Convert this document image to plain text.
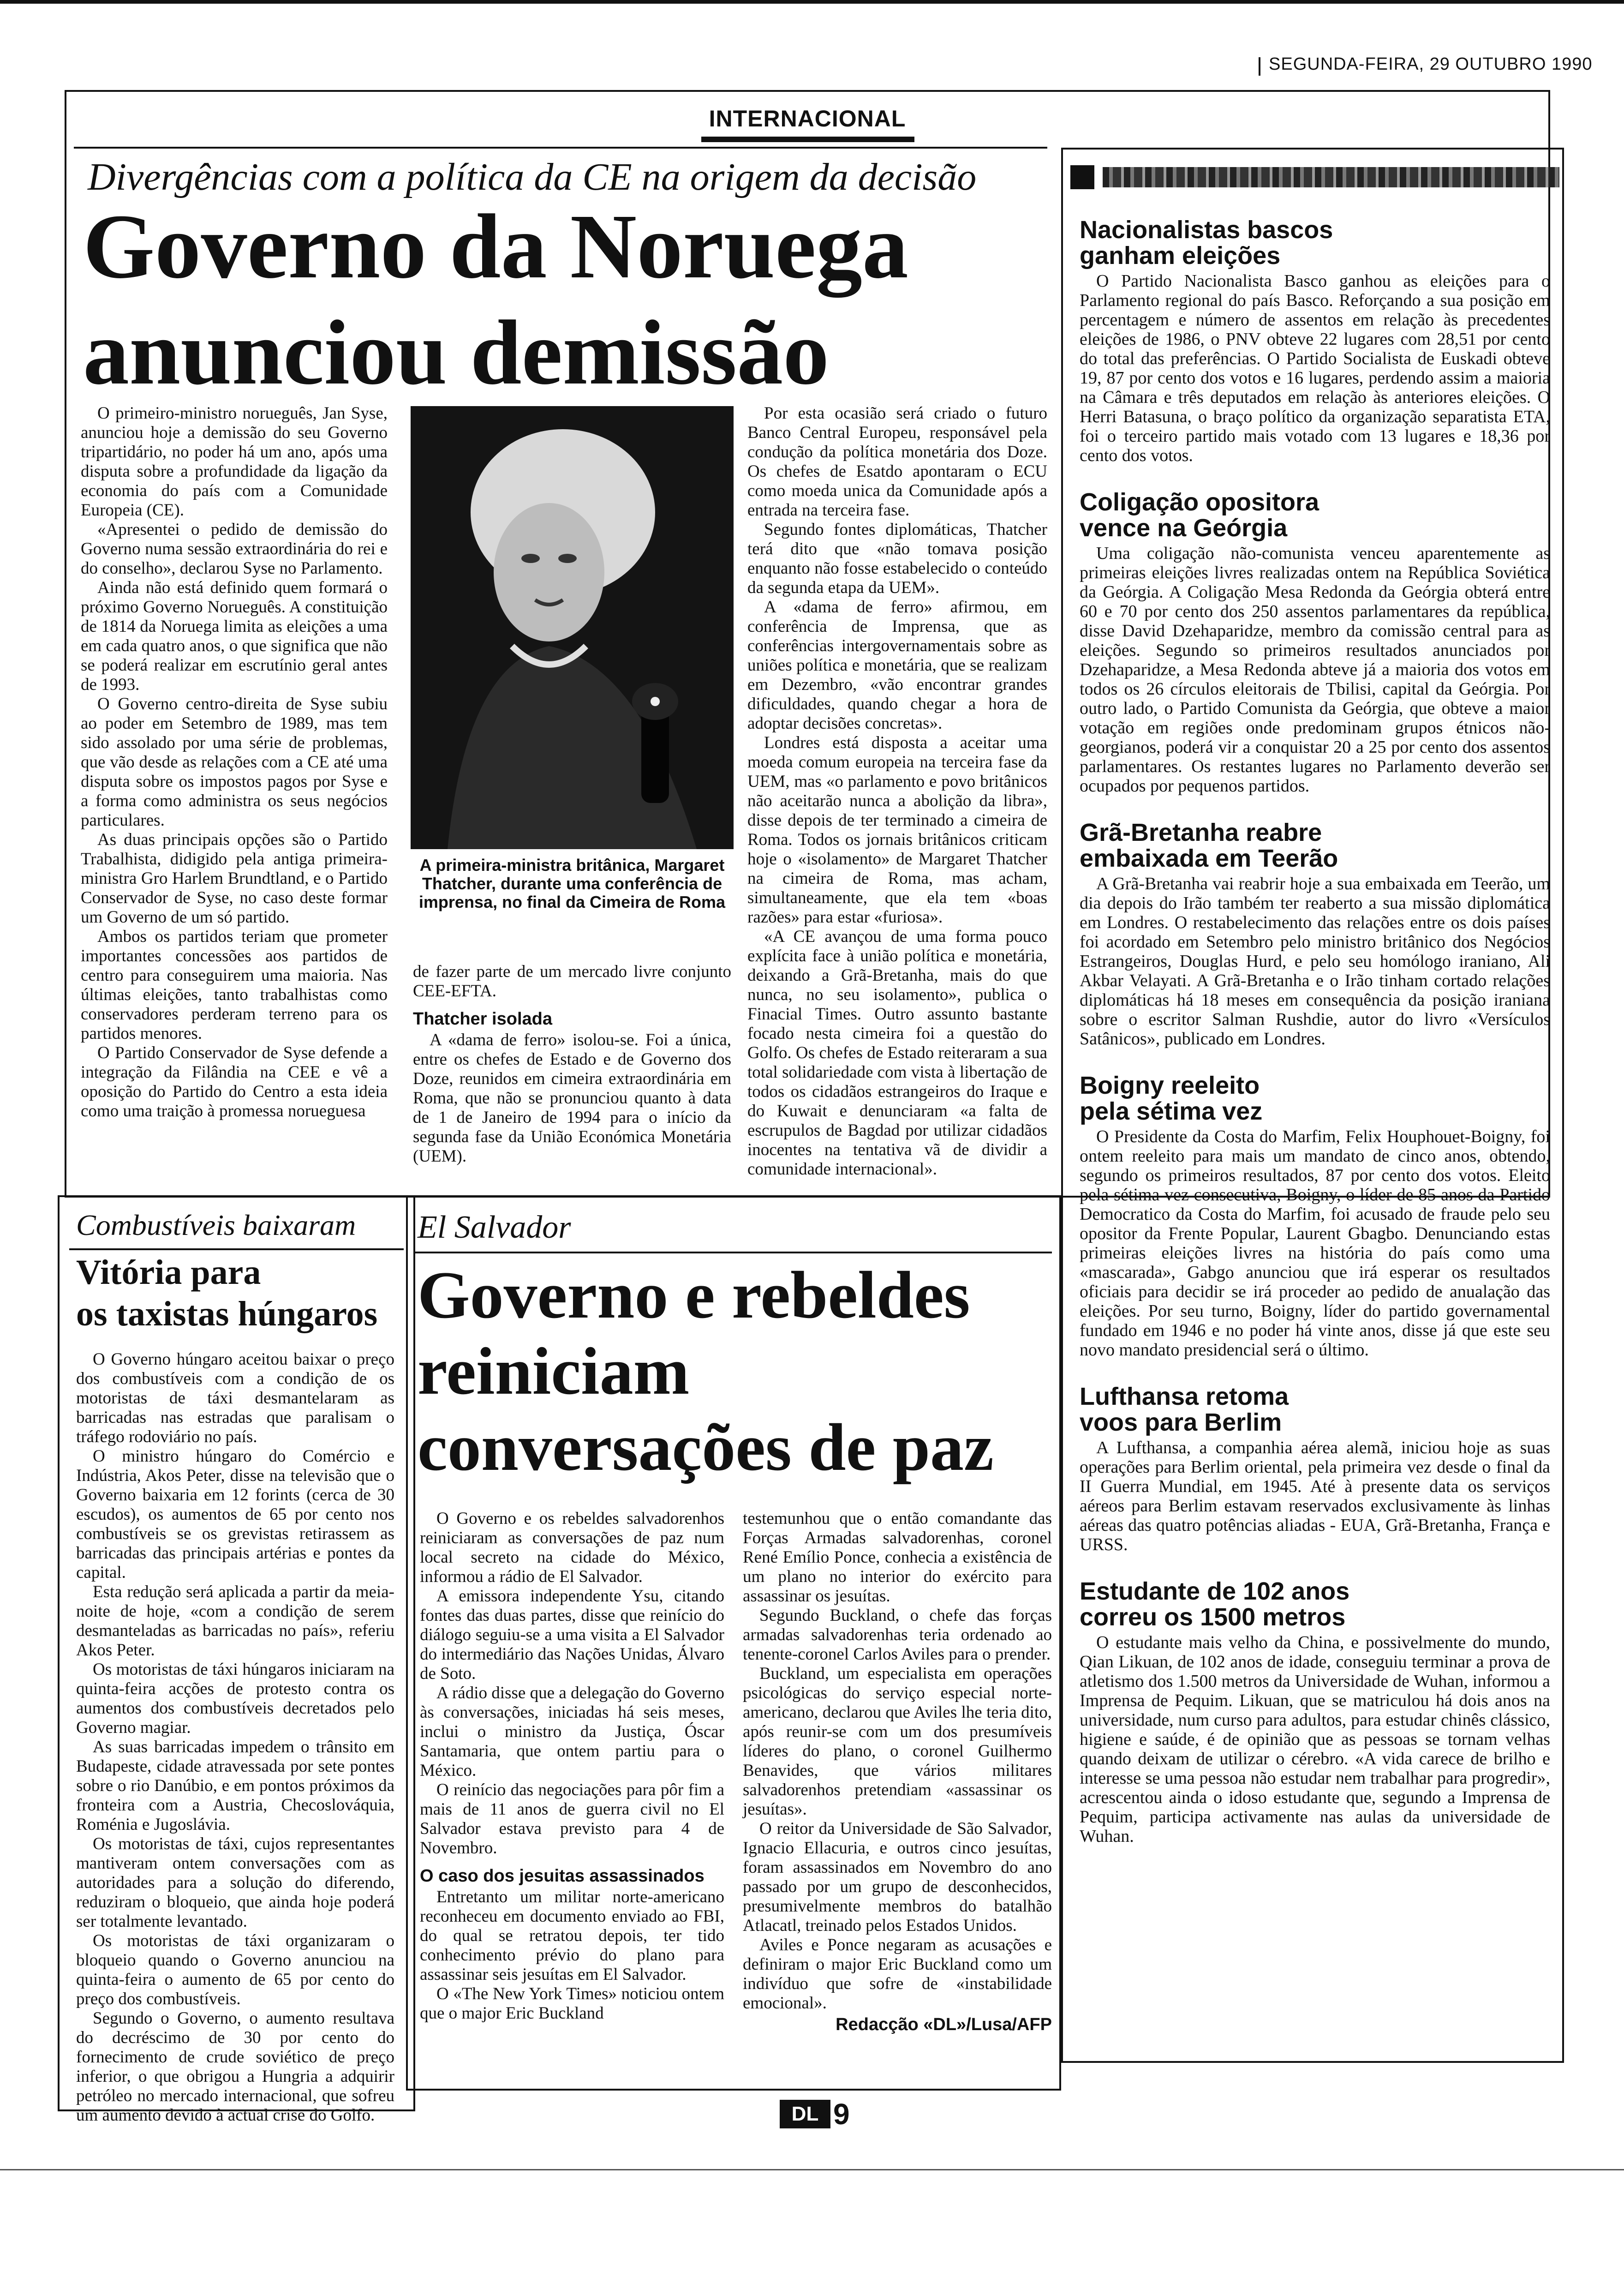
SEGUNDA-FEIRA, 29 OUTUBRO 1990
INTERNACIONAL
Divergências com a política da CE na origem da decisão
Governo da Noruega
anunciou demissão

O primeiro-ministro norueguês, Jan Syse, anunciou hoje a demissão do seu Governo tripartidário, no poder há um ano, após uma disputa sobre a profundidade da ligação da economia do país com a Comunidade Europeia (CE).

«Apresentei o pedido de demissão do Governo numa sessão extraordinária do rei e do conselho», declarou Syse no Parlamento.

Ainda não está definido quem formará o próximo Governo Norueguês. A constituição de 1814 da Noruega limita as eleições a uma em cada quatro anos, o que significa que não se poderá realizar em escrutínio geral antes de 1993.

O Governo centro-direita de Syse subiu ao poder em Setembro de 1989, mas tem sido assolado por uma série de problemas, que vão desde as relações com a CE até uma disputa sobre os impostos pagos por Syse e a forma como administra os seus negócios particulares.

As duas principais opções são o Partido Trabalhista, didigido pela antiga primeira-ministra Gro Harlem Brundtland, e o Partido Conservador de Syse, no caso deste formar um Governo de um só partido.

Ambos os partidos teriam que prometer importantes concessões aos partidos de centro para conseguirem uma maioria. Nas últimas eleições, tanto trabalhistas como conservadores perderam terreno para os partidos menores.

O Partido Conservador de Syse defende a integração da Filândia na CEE e vê a oposição do Partido do Centro a esta ideia como uma traição à promessa norueguesa

A primeira-ministra britânica, Margaret Thatcher, durante uma conferência de imprensa, no final da Cimeira de Roma

de fazer parte de um mercado livre conjunto CEE-EFTA.

Thatcher isolada

A «dama de ferro» isolou-se. Foi a única, entre os chefes de Estado e de Governo dos Doze, reunidos em cimeira extraordinária em Roma, que não se pronunciou quanto à data de 1 de Janeiro de 1994 para o início da segunda fase da União Económica Monetária (UEM).

Por esta ocasião será criado o futuro Banco Central Europeu, responsável pela condução da política monetária dos Doze. Os chefes de Esatdo apontaram o ECU como moeda unica da Comunidade após a entrada na terceira fase.

Segundo fontes diplomáticas, Thatcher terá dito que «não tomava posição enquanto não fosse estabelecido o conteúdo da segunda etapa da UEM».

A «dama de ferro» afirmou, em conferência de Imprensa, que as conferências intergovernamentais sobre as uniões política e monetária, que se realizam em Dezembro, «vão encontrar grandes dificuldades, quando chegar a hora de adoptar decisões concretas».

Londres está disposta a aceitar uma moeda comum europeia na terceira fase da UEM, mas «o parlamento e povo britânicos não aceitarão nunca a abolição da libra», disse depois de ter terminado a cimeira de Roma. Todos os jornais britânicos criticam hoje o «isolamento» de Margaret Thatcher na cimeira de Roma, mas acham, simultaneamente, que ela tem «boas razões» para estar «furiosa».

«A CE avançou de uma forma pouco explícita face à união política e monetária, deixando a Grã-Bretanha, mais do que nunca, no seu isolamento», publica o Finacial Times. Outro assunto bastante focado nesta cimeira foi a questão do Golfo. Os chefes de Estado reiteraram a sua total solidariedade com vista à libertação de todos os cidadãos estrangeiros do Iraque e do Kuwait e denunciaram «a falta de escrupulos de Bagdad por utilizar cidadãos inocentes na tentativa vã de dividir a comunidade internacional».

Nacionalistas bascos
ganham eleições

O Partido Nacionalista Basco ganhou as eleições para o Parlamento regional do país Basco. Reforçando a sua posição em percentagem e número de assentos em relação às precedentes eleições de 1986, o PNV obteve 22 lugares com 28,51 por cento do total das preferências. O Partido Socialista de Euskadi obteve 19, 87 por cento dos votos e 16 lugares, perdendo assim a maioria na Câmara e três deputados em relação às anteriores eleições. O Herri Batasuna, o braço político da organização separatista ETA, foi o terceiro partido mais votado com 13 lugares e 18,36 por cento dos votos.

Coligação opositora
vence na Geórgia

Uma coligação não-comunista venceu aparentemente as primeiras eleições livres realizadas ontem na República Soviética da Geórgia. A Coligação Mesa Redonda da Geórgia obterá entre 60 e 70 por cento dos 250 assentos parlamentares da república, disse David Dzehaparidze, membro da comissão central para as eleições. Segundo so primeiros resultados anunciados por Dzehaparidze, a Mesa Redonda abteve já a maioria dos votos em todos os 26 círculos eleitorais de Tbilisi, capital da Geórgia. Por outro lado, o Partido Comunista da Geórgia, que obteve a maior votação em regiões onde predominam grupos étnicos não-georgianos, poderá vir a conquistar 20 a 25 por cento dos assentos parlamentares. Os restantes lugares no Parlamento deverão ser ocupados por pequenos partidos.

Grã-Bretanha reabre
embaixada em Teerão

A Grã-Bretanha vai reabrir hoje a sua embaixada em Teerão, um dia depois do Irão também ter reaberto a sua missão diplomática em Londres. O restabelecimento das relações entre os dois países foi acordado em Setembro pelo ministro britânico dos Negócios Estrangeiros, Douglas Hurd, e pelo seu homólogo iraniano, Ali Akbar Velayati. A Grã-Bretanha e o Irão tinham cortado relações diplomáticas há 18 meses em consequência da posição iraniana sobre o escritor Salman Rushdie, autor do livro «Versículos Satânicos», publicado em Londres.

Boigny reeleito
pela sétima vez

O Presidente da Costa do Marfim, Felix Houphouet-Boigny, foi ontem reeleito para mais um mandato de cinco anos, obtendo, segundo os primeiros resultados, 87 por cento dos votos. Eleito pela sétima vez consecutiva, Boigny, o líder de 85 anos da Partido Democratico da Costa do Marfim, foi acusado de fraude pelo seu opositor da Frente Popular, Laurent Gbagbo. Denunciando estas primeiras eleições livres na história do país como uma «mascarada», Gabgo anunciou que irá esperar os resultados oficiais para decidir se irá proceder ao pedido de anualação das eleições. Por seu turno, Boigny, líder do partido governamental fundado em 1946 e no poder há vinte anos, disse já que este seu novo mandato presidencial será o último.

Lufthansa retoma
voos para Berlim

A Lufthansa, a companhia aérea alemã, iniciou hoje as suas operações para Berlim oriental, pela primeira vez desde o final da II Guerra Mundial, em 1945. Até à presente data os serviços aéreos para Berlim estavam reservados exclusivamente às linhas aéreas das quatro potências aliadas - EUA, Grã-Bretanha, França e URSS.

Estudante de 102 anos
correu os 1500 metros

O estudante mais velho da China, e possivelmente do mundo, Qian Likuan, de 102 anos de idade, conseguiu terminar a prova de atletismo dos 1.500 metros da Universidade de Wuhan, informou a Imprensa de Pequim. Likuan, que se matriculou há dois anos na universidade, num curso para adultos, para estudar chinês clássico, higiene e saúde, é de opinião que as pessoas se tornam velhas quando deixam de utilizar o cérebro. «A vida carece de brilho e interesse se uma pessoa não estudar nem trabalhar para progredir», acrescentou ainda o idoso estudante que, segundo a Imprensa de Pequim, participa activamente nas aulas da universidade de Wuhan.

Combustíveis baixaram
Vitória para
os taxistas húngaros

O Governo húngaro aceitou baixar o preço dos combustíveis com a condição de os motoristas de táxi desmantelaram as barricadas nas estradas que paralisam o tráfego rodoviário no país.

O ministro húngaro do Comércio e Indústria, Akos Peter, disse na televisão que o Governo baixaria em 12 forints (cerca de 30 escudos), os aumentos de 65 por cento nos combustíveis se os grevistas retirassem as barricadas das principais artérias e pontes da capital.

Esta redução será aplicada a partir da meia-noite de hoje, «com a condição de serem desmanteladas as barricadas no país», referiu Akos Peter.

Os motoristas de táxi húngaros iniciaram na quinta-feira acções de protesto contra os aumentos dos combustíveis decretados pelo Governo magiar.

As suas barricadas impedem o trânsito em Budapeste, cidade atravessada por sete pontes sobre o rio Danúbio, e em pontos próximos da fronteira com a Austria, Checoslováquia, Roménia e Jugoslávia.

Os motoristas de táxi, cujos representantes mantiveram ontem conversações com as autoridades para a solução do diferendo, reduziram o bloqueio, que ainda hoje poderá ser totalmente levantado.

Os motoristas de táxi organizaram o bloqueio quando o Governo anunciou na quinta-feira o aumento de 65 por cento do preço dos combustíveis.

Segundo o Governo, o aumento resultava do decréscimo de 30 por cento do fornecimento de crude soviético de preço inferior, o que obrigou a Hungria a adquirir petróleo no mercado internacional, que sofreu um aumento devido à actual crise do Golfo.

El Salvador
Governo e rebeldes
reiniciam
conversações de paz

O Governo e os rebeldes salvadorenhos reiniciaram as conversações de paz num local secreto na cidade do México, informou a rádio de El Salvador.

A emissora independente Ysu, citando fontes das duas partes, disse que reinício do diálogo seguiu-se a uma visita a El Salvador do intermediário das Nações Unidas, Álvaro de Soto.

A rádio disse que a delegação do Governo às conversações, iniciadas há seis meses, inclui o ministro da Justiça, Óscar Santamaria, que ontem partiu para o México.

O reinício das negociações para pôr fim a mais de 11 anos de guerra civil no El Salvador estava previsto para 4 de Novembro.

O caso dos jesuitas assassinados

Entretanto um militar norte-americano reconheceu em documento enviado ao FBI, do qual se retratou depois, ter tido conhecimento prévio do plano para assassinar seis jesuítas em El Salvador.

O «The New York Times» noticiou ontem que o major Eric Buckland

testemunhou que o então comandante das Forças Armadas salvadorenhas, coronel René Emílio Ponce, conhecia a existência de um plano no interior do exército para assassinar os jesuítas.

Segundo Buckland, o chefe das forças armadas salvadorenhas teria ordenado ao tenente-coronel Carlos Aviles para o prender.

Buckland, um especialista em operações psicológicas do serviço especial norte-americano, declarou que Aviles lhe teria dito, após reunir-se com um dos presumíveis líderes do plano, o coronel Guilhermo Benavides, que vários militares salvadorenhos pretendiam «assassinar os jesuítas».

O reitor da Universidade de São Salvador, Ignacio Ellacuria, e outros cinco jesuítas, foram assassinados em Novembro do ano passado por um grupo de desconhecidos, presumivelmente membros do batalhão Atlacatl, treinado pelos Estados Unidos.

Aviles e Ponce negaram as acusações e definiram o major Eric Buckland como um indivíduo que sofre de «instabilidade emocional».

Redacção «DL»/Lusa/AFP
DL 9
